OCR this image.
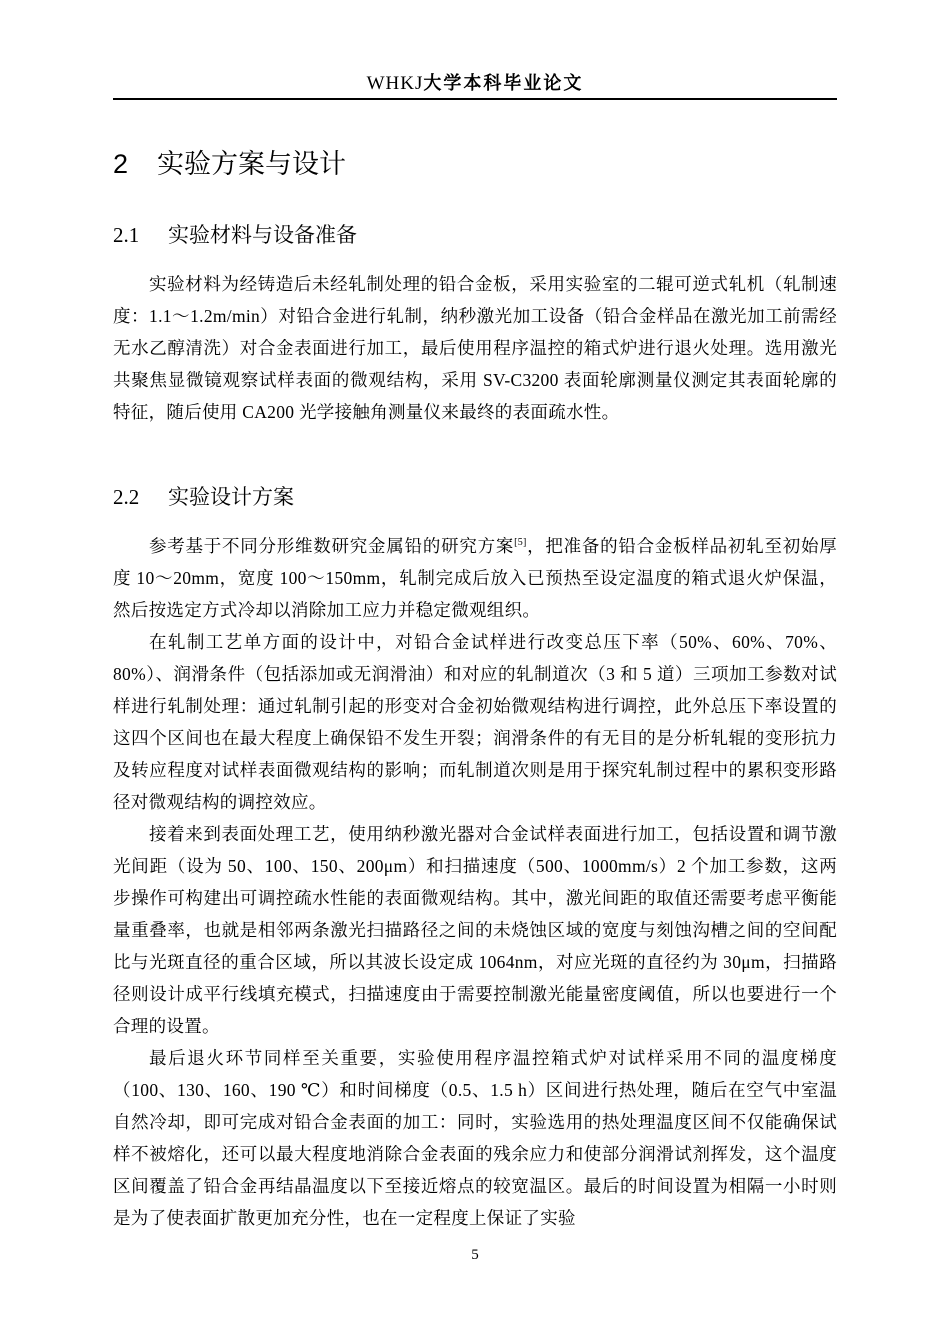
WHKJ大学本科毕业论文
2 实验方案与设计
2.1 实验材料与设备准备

实验材料为经铸造后未经轧制处理的铅合金板，采用实验室的二辊可逆式轧机（轧制速度：1.1～1.2m/min）对铅合金进行轧制，纳秒激光加工设备（铅合金样品在激光加工前需经无水乙醇清洗）对合金表面进行加工，最后使用程序温控的箱式炉进行退火处理。选用激光共聚焦显微镜观察试样表面的微观结构，采用 SV-C3200 表面轮廓测量仪测定其表面轮廓的特征，随后使用 CA200 光学接触角测量仪来最终的表面疏水性。

2.2 实验设计方案

参考基于不同分形维数研究金属铅的研究方案[5]，把准备的铅合金板样品初轧至初始厚度 10～20mm，宽度 100～150mm，轧制完成后放入已预热至设定温度的箱式退火炉保温，然后按选定方式冷却以消除加工应力并稳定微观组织。

在轧制工艺单方面的设计中，对铅合金试样进行改变总压下率（50%、60%、70%、80%）、润滑条件（包括添加或无润滑油）和对应的轧制道次（3 和 5 道）三项加工参数对试样进行轧制处理：通过轧制引起的形变对合金初始微观结构进行调控，此外总压下率设置的这四个区间也在最大程度上确保铅不发生开裂；润滑条件的有无目的是分析轧辊的变形抗力及转应程度对试样表面微观结构的影响；而轧制道次则是用于探究轧制过程中的累积变形路径对微观结构的调控效应。

接着来到表面处理工艺，使用纳秒激光器对合金试样表面进行加工，包括设置和调节激光间距（设为 50、100、150、200μm）和扫描速度（500、1000mm/s）2 个加工参数，这两步操作可构建出可调控疏水性能的表面微观结构。其中，激光间距的取值还需要考虑平衡能量重叠率，也就是相邻两条激光扫描路径之间的未烧蚀区域的宽度与刻蚀沟槽之间的空间配比与光斑直径的重合区域，所以其波长设定成 1064nm，对应光斑的直径约为 30μm，扫描路径则设计成平行线填充模式，扫描速度由于需要控制激光能量密度阈值，所以也要进行一个合理的设置。

最后退火环节同样至关重要，实验使用程序温控箱式炉对试样采用不同的温度梯度（100、130、160、190 ℃）和时间梯度（0.5、1.5 h）区间进行热处理，随后在空气中室温自然冷却，即可完成对铅合金表面的加工：同时，实验选用的热处理温度区间不仅能确保试样不被熔化，还可以最大程度地消除合金表面的残余应力和使部分润滑试剂挥发，这个温度区间覆盖了铅合金再结晶温度以下至接近熔点的较宽温区。最后的时间设置为相隔一小时则是为了使表面扩散更加充分性，也在一定程度上保证了实验

5
